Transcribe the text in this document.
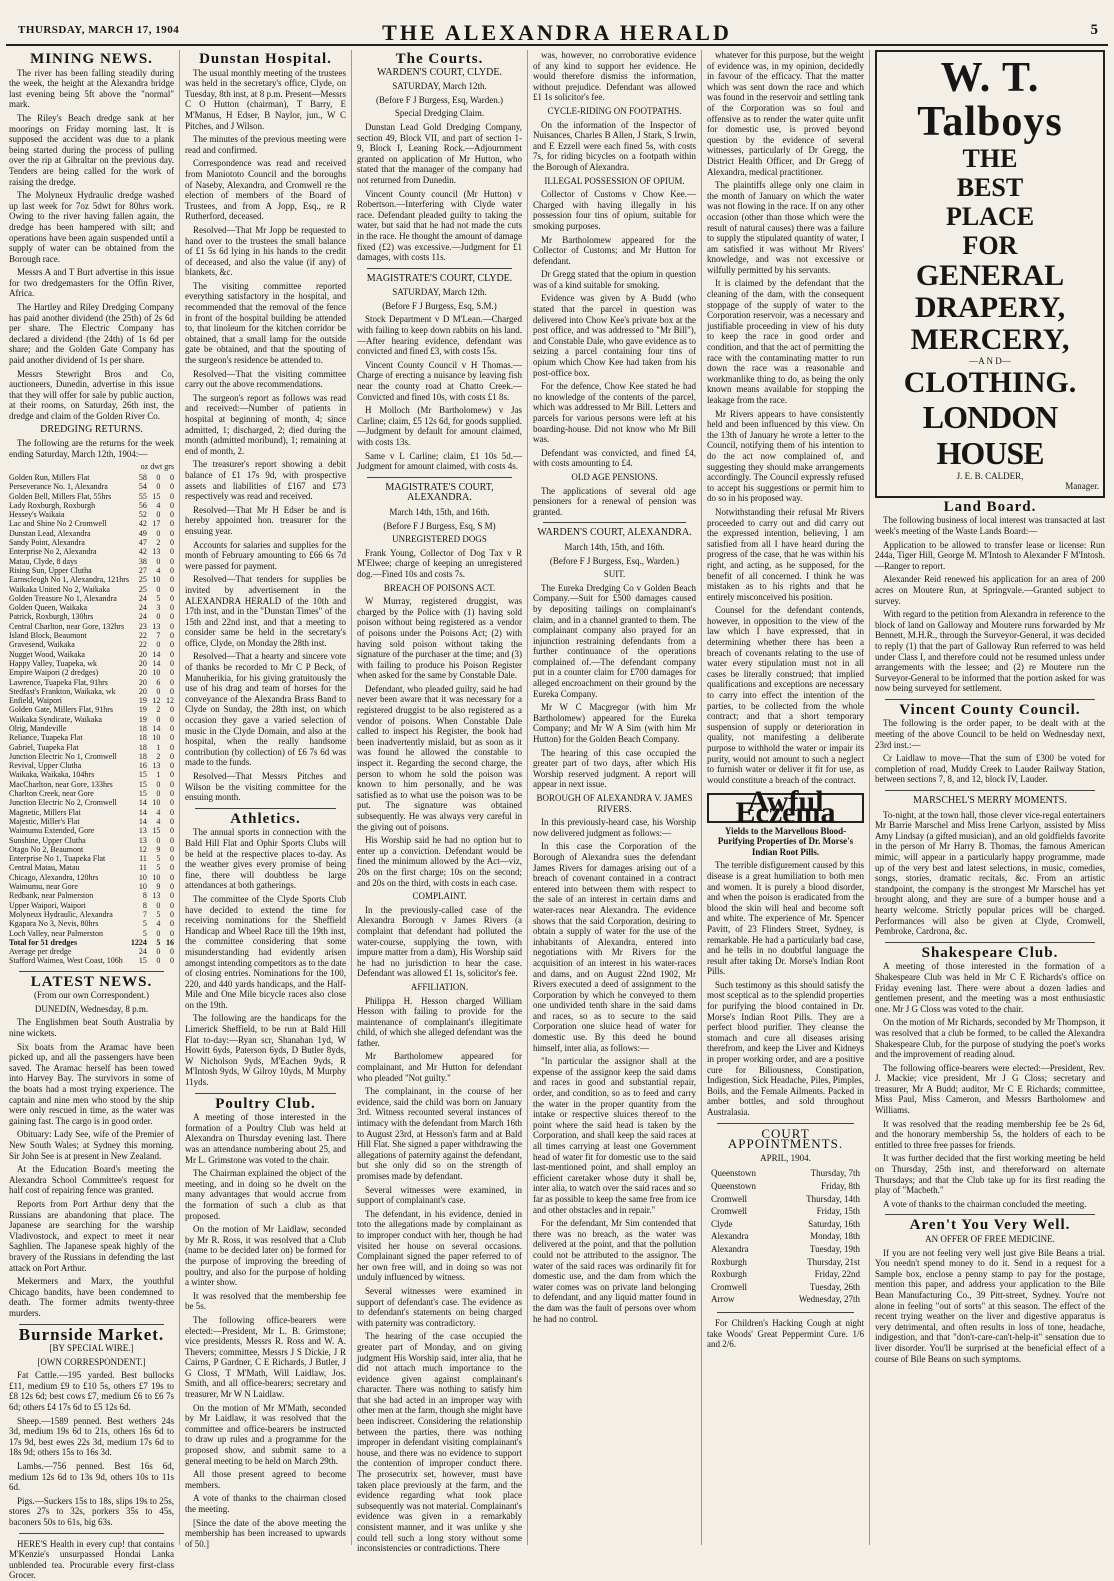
THURSDAY, MARCH 17, 1904	THE ALEXANDRA HERALD	5
MINING NEWS.

The river has been falling steadily during the week, the height at the Alexandra bridge last evening being 5ft above the "normal" mark.

The Riley's Beach dredge sank at her moorings on Friday morning last. It is supposed the accident was due to a plank being started during the process of pulling over the rip at Gibraltar on the previous day. Tenders are being called for the work of raising the dredge.

The Molyneux Hydraulic dredge washed up last week for 7oz 5dwt for 80hrs work. Owing to the river having fallen again, the dredge has been hampered with silt; and operations have been again suspended until a supply of water can be obtained from the Borough race.

Messrs A and T Burt advertise in this issue for two dredgemasters for the Offin River, Africa.

The Hartley and Riley Dredging Company has paid another dividend (the 25th) of 2s 6d per share. The Electric Company has declared a dividend (the 24th) of 1s 6d per share; and the Golden Gate Company has paid another dividend of 1s per share.

Messrs Stewright Bros and Co, auctioneers, Dunedin, advertise in this issue that they will offer for sale by public auction, at their rooms, on Saturday, 26th inst, the dredge and claim of the Golden River Co.

DREDGING RETURNS.

The following are the returns for the week ending Saturday, March 12th, 1904:—

oz dwt grs
Golden Run, Millers Flat	58	0	0
Perseverance No. 1, Alexandra	54	0	0
Golden Bell, Millers Flat, 55hrs	55	15	0
Lady Roxburgh, Roxburgh	56	4	0
Hessey's Waikaia	52	0	0
Lac and Shine No 2 Cromwell	42	17	0
Dunstan Lead, Alexandra	49	0	0
Sandy Point, Alexandra	47	2	0
Enterprise No 2, Alexandra	42	13	0
Matau, Clyde, 8 days	38	0	0
Rising Sun, Upper Clutha	27	4	0
Earnscleugh No 1, Alexandra, 121hrs	25	10	0
Waikaka United No 2, Waikaka	25	0	0
Golden Treasure No 1, Alexandra	24	5	0
Golden Queen, Waikaka	24	3	0
Patrick, Roxburgh, 130hrs	24	0	0
Central Charlton, near Gore, 132hrs	23	13	0
Island Block, Beaumont	22	7	0
Gravesend, Waikaka	22	0	0
Nugget Wood, Waikaka	20	14	0
Happy Valley, Tuapeka, wk	20	14	0
Empire Waipori (2 dredges)	20	10	0
Lawrence, Tuapeka Flat, 91hrs	20	6	0
Stedfast's Frankton, Waikaka, wk	20	0	0
Enfield, Waipori	19	12	12
Golden Gate, Millers Flat, 91hrs	19	2	0
Waikaka Syndicate, Waikaka	19	0	0
Olrig, Mandeville	18	14	0
Reliance, Tuapeka Flat	18	10	0
Gabriel, Tuapeka Flat	18	1	0
Junction Electric No 1, Cromwell	18	2	0
Revival, Upper Clutha	16	13	0
Waikaka, Waikaka, 104hrs	15	1	0
MacCharlton, near Gore, 133hrs	15	0	0
Charlton Creek, near Gore	15	0	0
Junction Electric No 2, Cromwell	14	10	0
Magnetic, Millers Flat	14	4	0
Majestic, Miller's Flat	14	4	0
Waimumu Extended, Gore	13	15	0
Sunshine, Upper Clutha	13	0	0
Otago No 2, Beaumont	12	9	0
Enterprise No 1, Tuapeka Flat	11	5	0
Central Matau, Matau	11	5	0
Chicago, Alexandra, 120hrs	10	10	0
Waimumu, near Gore	10	9	0
Redbank, near Palmerston	8	13	0
Upper Waipori, Waipori	8	0	0
Molyneux Hydraulic, Alexandra	7	5	0
Kgapara No 3, Nevis, 80hrs	5	4	0
Loch Valley, near Palmerston	5	0	0
Total for 51 dredges	1224	5	16
Average per dredge	24	0	0
Stafford Waimea, West Coast, 106h	15	0	0
LATEST NEWS.

(From our own Correspondent.)

DUNEDIN, Wednesday, 8 p.m.

The Englishmen beat South Australia by nine wickets.

Six boats from the Aramac have been picked up, and all the passengers have been saved. The Aramac herself has been towed into Harvey Bay. The survivors in some of the boats had a most trying experience. The captain and nine men who stood by the ship were only rescued in time, as the water was gaining fast. The cargo is in good order.

Obituary: Lady See, wife of the Premier of New South Wales; at Sydney this morning. Sir John See is at present in New Zealand.

At the Education Board's meeting the Alexandra School Committee's request for half cost of repairing fence was granted.

Reports from Port Arthur deny that the Russians are abandoning that place. The Japanese are searching for the warship Vladivostock, and expect to meet it near Saghlien. The Japanese speak highly of the bravery of the Russians in defending the last attack on Port Arthur.

Mekermers and Marx, the youthful Chicago bandits, have been condemned to death. The former admits twenty-three murders.

Burnside Market.

[BY SPECIAL WIRE.]

[OWN CORRESPONDENT.]

Fat Cattle.—195 yarded. Best bullocks £11, medium £9 to £10 5s, others £7 19s to £8 12s 6d; best cows £7, medium £6 to £6 7s 6d; others £4 17s 6d to £5 12s 6d.

Sheep.—1589 penned. Best wethers 24s 3d, medium 19s 6d to 21s, others 16s 6d to 17s 9d, best ewes 22s 3d, medium 17s 6d to 18s 9d; others 15s to 16s 3d.

Lambs.—756 penned. Best 16s 6d, medium 12s 6d to 13s 9d, others 10s to 11s 6d.

Pigs.—Suckers 15s to 18s, slips 19s to 25s, stores 27s to 32s, porkers 35s to 45s, baconers 50s to 61s, big 63s.

HERE'S Health in every cup! that contains M'Kenzie's unsurpassed Hondai Lanka unblended tea. Procurable every first-class Grocer.

Dunstan Hospital.

The usual monthly meeting of the trustees was held in the secretary's office, Clyde, on Tuesday, 8th inst, at 8 p.m. Present—Messrs C O Hutton (chairman), T Barry, E M'Manus, H Edser, B Naylor, jun., W C Pitches, and J Wilson.

The minutes of the previous meeting were read and confirmed.

Correspondence was read and received from Maniototo Council and the boroughs of Naseby, Alexandra, and Cromwell re the election of members of the Board of Trustees, and from A Jopp, Esq., re R Rutherford, deceased.

Resolved—That Mr Jopp be requested to hand over to the trustees the small balance of £1 5s 6d lying in his hands to the credit of deceased, and also the value (if any) of blankets, &c.

The visiting committee reported everything satisfactory in the hospital, and recommended that the removal of the fence in front of the hospital building be attended to, that linoleum for the kitchen corridor be obtained, that a small lamp for the outside gate be obtained, and that the spouting of the surgeon's residence be attended to.

Resolved—That the visiting committee carry out the above recommendations.

The surgeon's report as follows was read and received:—Number of patients in hospital at beginning of month, 4; since admitted, 1; discharged, 2; died during the month (admitted moribund), 1; remaining at end of month, 2.

The treasurer's report showing a debit balance of £1 17s 9d, with prospective assets and liabilities of £167 and £73 respectively was read and received.

Resolved—That Mr H Edser be and is hereby appointed hon. treasurer for the ensuing year.

Accounts for salaries and supplies for the month of February amounting to £66 6s 7d were passed for payment.

Resolved—That tenders for supplies be invited by advertisement in the ALEXANDRA HERALD of the 10th and 17th inst, and in the "Dunstan Times" of the 15th and 22nd inst, and that a meeting to consider same be held in the secretary's office, Clyde, on Monday the 28th inst.

Resolved—That a hearty and sincere vote of thanks be recorded to Mr C P Beck, of Manuherikia, for his giving gratuitously the use of his drag and team of horses for the conveyance of the Alexandra Brass Band to Clyde on Sunday, the 28th inst, on which occasion they gave a varied selection of music in the Clyde Domain, and also at the hospital, when the really handsome contribution (by collection) of £6 7s 6d was made to the funds.

Resolved—That Messrs Pitches and Wilson be the visiting committee for the ensuing month.

Athletics.

The annual sports in connection with the Bald Hill Flat and Ophir Sports Clubs will be held at the respective places to-day. As the weather gives every promise of being fine, there will doubtless be large attendances at both gatherings.

The committee of the Clyde Sports Club have decided to extend the time for receiving nominations for the Sheffield Handicap and Wheel Race till the 19th inst, the committee considering that some misunderstanding had evidently arisen amongst intending competitors as to the date of closing entries. Nominations for the 100, 220, and 440 yards handicaps, and the Half-Mile and One Mile bicycle races also close on the 19th.

The following are the handicaps for the Limerick Sheffield, to be run at Bald Hill Flat to-day:—Ryan scr, Shanahan 1yd, W Howitt 6yds, Paterson 6yds, D Butler 8yds, W Nicholson 9yds, M'Eachen 9yds, R M'Intosh 9yds, W Gilroy 10yds, M Murphy 11yds.

Poultry Club.

A meeting of those interested in the formation of a Poultry Club was held at Alexandra on Thursday evening last. There was an attendance numbering about 25, and Mr L. Grimstone was voted to the chair.

The Chairman explained the object of the meeting, and in doing so he dwelt on the many advantages that would accrue from the formation of such a club as that proposed.

On the motion of Mr Laidlaw, seconded by Mr R. Ross, it was resolved that a Club (name to be decided later on) be formed for the purpose of improving the breeding of poultry, and also for the purpose of holding a winter show.

It was resolved that the membership fee be 5s.

The following office-bearers were elected:—President, Mr L. B. Grimstone; vice presidents, Messrs R. Ross and W. A. Thevers; committee, Messrs J S Dickie, J R Cairns, P Gardner, C E Richards, J Butler, J G Closs, T M'Math, Will Laidlaw, Jos. Smith, and all office-bearers; secretary and treasurer, Mr W N Laidlaw.

On the motion of Mr M'Math, seconded by Mr Laidlaw, it was resolved that the committee and office-bearers be instructed to draw up rules and a programme for the proposed show, and submit same to a general meeting to be held on March 29th.

All those present agreed to become members.

A vote of thanks to the chairman closed the meeting.

[Since the date of the above meeting the membership has been increased to upwards of 50.]

The Courts.
WARDEN'S COURT, CLYDE.

SATURDAY, March 12th.

(Before F J Burgess, Esq, Warden.)

Special Dredging Claim.

Dunstan Lead Gold Dredging Company, section 49, Block VII, and part of section 1-9, Block I, Leaning Rock.—Adjournment granted on application of Mr Hutton, who stated that the manager of the company had not returned from Dunedin.

Vincent County council (Mr Hutton) v Robertson.—Interfering with Clyde water race. Defendant pleaded guilty to taking the water, but said that he had not made the cuts in the race. He thought the amount of damage fixed (£2) was excessive.—Judgment for £1 damages, with costs 11s.

MAGISTRATE'S COURT, CLYDE.

SATURDAY, March 12th.

(Before F J Burgess, Esq, S.M.)

Stock Department v D M'Lean.—Charged with failing to keep down rabbits on his land.—After hearing evidence, defendant was convicted and fined £3, with costs 15s.

Vincent County Council v H Thomas.—Charge of erecting a nuisance by leaving fish near the county road at Chatto Creek.—Convicted and fined 10s, with costs £1 8s.

H Molloch (Mr Bartholomew) v Jas Carline; claim, £5 12s 6d, for goods supplied.—Judgment by default for amount claimed, with costs 13s.

Same v L Carline; claim, £1 10s 5d.—Judgment for amount claimed, with costs 4s.

MAGISTRATE'S COURT, ALEXANDRA.

March 14th, 15th, and 16th.

(Before F J Burgess, Esq, S M)

UNREGISTERED DOGS

Frank Young, Collector of Dog Tax v R M'Elwee; charge of keeping an unregistered dog.—Fined 10s and costs 7s.

BREACH OF POISONS ACT.

W Murray, registered druggist, was charged by the Police with (1) having sold poison without being registered as a vendor of poisons under the Poisons Act; (2) with having sold poison without taking the signature of the purchaser at the time; and (3) with failing to produce his Poison Register when asked for the same by Constable Dale.

Defendant, who pleaded guilty, said he had never been aware that it was necessary for a registered druggist to be also registered as a vendor of poisons. When Constable Dale called to inspect his Register, the book had been inadvertently mislaid, but as soon as it was found he allowed the constable to inspect it. Regarding the second charge, the person to whom he sold the poison was known to him personally, and he was satisfied as to what use the poison was to be put. The signature was obtained subsequently. He was always very careful in the giving out of poisons.

His Worship said he had no option but to enter up a conviction. Defendant would be fined the minimum allowed by the Act—viz, 20s on the first charge; 10s on the second; and 20s on the third, with costs in each case.

COMPLAINT.

In the previously-called case of the Alexandra Borough v James Rivers (a complaint that defendant had polluted the water-course, supplying the town, with impure matter from a dam), His Worship said he had no jurisdiction to hear the case. Defendant was allowed £1 1s, solicitor's fee.

AFFILIATION.

Philippa H. Hesson charged William Hesson with failing to provide for the maintenance of complainant's illegitimate child, of which she alleged defendant was the father.

Mr Bartholomew appeared for complainant, and Mr Hutton for defendant who pleaded "Not guilty."

The complainant, in the course of her evidence, said the child was born on January 3rd. Witness recounted several instances of intimacy with the defendant from March 16th to August 23rd, at Hesson's farm and at Bald Hill Flat. She signed a paper withdrawing the allegations of paternity against the defendant, but she only did so on the strength of promises made by defendant.

Several witnesses were examined, in support of complainant's case.

The defendant, in his evidence, denied in toto the allegations made by complainant as to improper conduct with her, though he had visited her house on several occasions. Complainant signed the paper referred to of her own free will, and in doing so was not unduly influenced by witness.

Several witnesses were examined in support of defendant's case. The evidence as to defendant's statements on being charged with paternity was contradictory.

The hearing of the case occupied the greater part of Monday, and on giving judgment His Worship said, inter alia, that he did not attach much importance to the evidence given against complainant's character. There was nothing to satisfy him that she had acted in an improper way with other men at the farm, though she might have been indiscreet. Considering the relationship between the parties, there was nothing improper in defendant visiting complainant's house, and there was no evidence to support the contention of improper conduct there. The prosecutrix set, however, must have taken place previously at the farm, and the evidence regarding what took place subsequently was not material. Complainant's evidence was given in a remarkably consistent manner, and it was unlike y she could tell such a long story without some inconsistencies or contradictions. There

was, however, no corroborative evidence of any kind to support her evidence. He would therefore dismiss the information, without prejudice. Defendant was allowed £1 1s solicitor's fee.

CYCLE-RIDING ON FOOTPATHS.

On the information of the Inspector of Nuisances, Charles B Allen, J Stark, S Irwin, and E Ezzell were each fined 5s, with costs 7s, for riding bicycles on a footpath within the Borough of Alexandra.

ILLEGAL POSSESSION OF OPIUM.

Collector of Customs v Chow Kee.—Charged with having illegally in his possession four tins of opium, suitable for smoking purposes.

Mr Bartholomew appeared for the Collector of Customs; and Mr Hutton for defendant.

Dr Gregg stated that the opium in question was of a kind suitable for smoking.

Evidence was given by A Budd (who stated that the parcel in question was delivered into Chow Kee's private box at the post office, and was addressed to "Mr Bill"), and Constable Dale, who gave evidence as to seizing a parcel containing four tins of opium which Chow Kee had taken from his post-office box.

For the defence, Chow Kee stated he had no knowledge of the contents of the parcel, which was addressed to Mr Bill. Letters and parcels for various persons were left at his boarding-house. Did not know who Mr Bill was.

Defendant was convicted, and fined £4, with costs amounting to £4.

OLD AGE PENSIONS.

The applications of several old age pensioners for a renewal of pension was granted.

WARDEN'S COURT, ALEXANDRA.

March 14th, 15th, and 16th.

(Before F J Burgess, Esq., Warden.)

SUIT.

The Eureka Dredging Co v Golden Beach Company.—Suit for £500 damages caused by depositing tailings on complainant's claim, and in a channel granted to them. The complainant company also prayed for an injunction restraining defendants from a further continuance of the operations complained of.—The defendant company put in a counter claim for £700 damages for alleged encroachment on their ground by the Eureka Company.

Mr W C Macgregor (with him Mr Bartholomew) appeared for the Eureka Company; and Mr W A Sim (with him Mr Hutton) for the Golden Beach Company.

The hearing of this case occupied the greater part of two days, after which His Worship reserved judgment. A report will appear in next issue.

BOROUGH OF ALEXANDRA V. JAMES RIVERS.

In this previously-heard case, his Worship now delivered judgment as follows:—

In this case the Corporation of the Borough of Alexandra sues the defendant James Rivers for damages arising out of a breach of covenant contained in a contract entered into between them with respect to the sale of an interest in certain dams and water-races near Alexandra. The evidence shows that the said Corporation, desiring to obtain a supply of water for the use of the inhabitants of Alexandra, entered into negotiations with Mr Rivers for the acquisition of an interest in his water-races and dams, and on August 22nd 1902, Mr Rivers executed a deed of assignment to the Corporation by which he conveyed to them one undivided tenth share in the said dams and races, so as to secure to the said Corporation one sluice head of water for domestic use. By this deed he bound himself, inter alia, as follows:—

"In particular the assignor shall at the expense of the assignor keep the said dams and races in good and substantial repair, order, and condition, so as to feed and carry the water in the proper quantity from the intake or respective sluices thereof to the point where the said head is taken by the Corporation, and shall keep the said races at all times carrying at least one Government head of water fit for domestic use to the said last-mentioned point, and shall employ an efficient caretaker whose duty it shall be, inter alia, to watch over the said races and so far as possible to keep the same free from ice and other obstacles and in repair."

For the defendant, Mr Sim contended that there was no breach, as the water was delivered at the point, and that the pollution could not be attributed to the assignor. The water of the said races was ordinarily fit for domestic use, and the dam from which the water comes was on private land belonging to defendant, and any liquid matter found in the dam was the fault of persons over whom he had no control.

whatever for this purpose, but the weight of evidence was, in my opinion, decidedly in favour of the efficacy. That the matter which was sent down the race and which was found in the reservoir and settling tank of the Corporation was so foul and offensive as to render the water quite unfit for domestic use, is proved beyond question by the evidence of several witnesses, particularly of Dr Gregg, the District Health Officer, and Dr Gregg of Alexandra, medical practitioner.

The plaintiffs allege only one claim in the month of January on which the water was not flowing in the race. If on any other occasion (other than those which were the result of natural causes) there was a failure to supply the stipulated quantity of water, I am satisfied it was without Mr Rivers' knowledge, and was not excessive or wilfully permitted by his servants.

It is claimed by the defendant that the cleaning of the dam, with the consequent stoppage of the supply of water to the Corporation reservoir, was a necessary and justifiable proceeding in view of his duty to keep the race in good order and condition, and that the act of permitting the race with the contaminating matter to run down the race was a reasonable and workmanlike thing to do, as being the only known means available for stopping the leakage from the race.

Mr Rivers appears to have consistently held and been influenced by this view. On the 13th of January he wrote a letter to the Council, notifying them of his intention to do the act now complained of, and suggesting they should make arrangements accordingly. The Council expressly refused to accept his suggestions or permit him to do so in his proposed way.

Notwithstanding their refusal Mr Rivers proceeded to carry out and did carry out the expressed intention, believing, I am satisfied from all I have heard during the progress of the case, that he was within his right, and acting, as he supposed, for the benefit of all concerned. I think he was mistaken as to his rights and that he entirely misconceived his position.

Counsel for the defendant contends, however, in opposition to the view of the law which I have expressed, that in determining whether there has been a breach of covenants relating to the use of water every stipulation must not in all cases be literally construed; that implied qualifications and exceptions are necessary to carry into effect the intention of the parties, to be collected from the whole contract; and that a short temporary suspension of supply or deterioration in quality, not manifesting a deliberate purpose to withhold the water or impair its purity, would not amount to such a neglect to furnish water or deliver it fit for use, as would constitute a breach of the contract.

Awful Eczema

Yields to the Marvellous Blood-Purifying Properties of Dr. Morse's Indian Root Pills.

The terrible disfigurement caused by this disease is a great humiliation to both men and women. It is purely a blood disorder, and when the poison is eradicated from the blood the skin will heal and become soft and white. The experience of Mr. Spencer Pavitt, of 23 Flinders Street, Sydney, is remarkable. He had a particularly bad case, and he tells in no doubtful language the result after taking Dr. Morse's Indian Root Pills.

Such testimony as this should satisfy the most sceptical as to the splendid properties for purifying the blood contained in Dr. Morse's Indian Root Pills. They are a perfect blood purifier. They cleanse the stomach and cure all diseases arising therefrom, and keep the Liver and Kidneys in proper working order, and are a positive cure for Biliousness, Constipation, Indigestion, Sick Headache, Piles, Pimples, Boils, and the Female Ailments. Packed in amber bottles, and sold throughout Australasia.

COURT APPOINTMENTS.

APRIL, 1904.

Queenstown	Thursday, 7th
Queenstown	Friday, 8th
Cromwell	Thursday, 14th
Cromwell	Friday, 15th
Clyde	Saturday, 16th
Alexandra	Monday, 18th
Alexandra	Tuesday, 19th
Roxburgh	Thursday, 21st
Roxburgh	Friday, 22nd
Cromwell	Tuesday, 26th
Arrow	Wednesday, 27th

For Children's Hacking Cough at night take Woods' Great Peppermint Cure. 1/6 and 2/6.

W. T. Talboys
THE
BEST
PLACE
FOR
GENERAL
DRAPERY,
MERCERY,
—A N D—
CLOTHING.
LONDON HOUSE
J. E. B. CALDER,
Manager.
Land Board.

The following business of local interest was transacted at last week's meeting of the Waste Lands Board:—

Application to be allowed to transfer lease or license: Run 244a, Tiger Hill, George M. M'Intosh to Alexander F M'Intosh.—Ranger to report.

Alexander Reid renewed his application for an area of 200 acres on Moutere Run, at Springvale.—Granted subject to survey.

With regard to the petition from Alexandra in reference to the block of land on Galloway and Moutere runs forwarded by Mr Bennett, M.H.R., through the Surveyor-General, it was decided to reply (1) that the part of Galloway Run referred to was held under Class I, and therefore could not be resumed unless under arrangements with the lessee; and (2) re Moutere run the Surveyor-General to be informed that the portion asked for was now being surveyed for settlement.

Vincent County Council.

The following is the order paper, to be dealt with at the meeting of the above Council to be held on Wednesday next, 23rd inst.:—

Cr Laidlaw to move—That the sum of £300 be voted for completion of road, Muddy Creek to Lauder Railway Station, between sections 7, 8, and 12, block IV, Lauder.

MARSCHEL'S MERRY MOMENTS.

To-night, at the town hall, those clever vice-regal entertainers Mr Barrie Marschel and Miss Irene Carlyon, assisted by Miss Amy Lindsay (a gifted musician), and an old goldfields favorite in the person of Mr Harry B. Thomas, the famous American mimic, will appear in a particularly happy programme, made up of the very best and latest selections, in music, comedies, songs, stories, dramatic recitals, &c. From an artistic standpoint, the company is the strongest Mr Marschel has yet brought along, and they are sure of a bumper house and a hearty welcome. Strictly popular prices will be charged. Performances will also be given at Clyde, Cromwell, Pembroke, Cardrona, &c.

Shakespeare Club.

A meeting of those interested in the formation of a Shakespeare Club was held in Mr C E Richards's office on Friday evening last. There were about a dozen ladies and gentlemen present, and the meeting was a most enthusiastic one. Mr J G Closs was voted to the chair.

On the motion of Mr Richards, seconded by Mr Thompson, it was resolved that a club be formed, to be called the Alexandra Shakespeare Club, for the purpose of studying the poet's works and the improvement of reading aloud.

The following office-bearers were elected:—President, Rev. J. Mackie; vice president, Mr J G Closs; secretary and treasurer, Mr A Budd; auditor, Mr C E Richards; committee, Miss Paul, Miss Cameron, and Messrs Bartholomew and Williams.

It was resolved that the reading membership fee be 2s 6d, and the honorary membership 5s, the holders of each to be entitled to three free passes for friends.

It was further decided that the first working meeting be held on Thursday, 25th inst, and thereforward on alternate Thursdays; and that the Club take up for its first reading the play of "Macbeth."

A vote of thanks to the chairman concluded the meeting.

Aren't You Very Well.

AN OFFER OF FREE MEDICINE.

If you are not feeling very well just give Bile Beans a trial. You needn't spend money to do it. Send in a request for a Sample box, enclose a penny stamp to pay for the postage, mention this paper, and address your application to the Bile Bean Manufacturing Co., 39 Pitt-street, Sydney. You're not alone in feeling "out of sorts" at this season. The effect of the recent trying weather on the liver and digestive apparatus is very detrimental, and often results in loss of tone, headache, indigestion, and that "don't-care-can't-help-it" sensation due to liver disorder. You'll be surprised at the beneficial effect of a course of Bile Beans on such symptoms.
